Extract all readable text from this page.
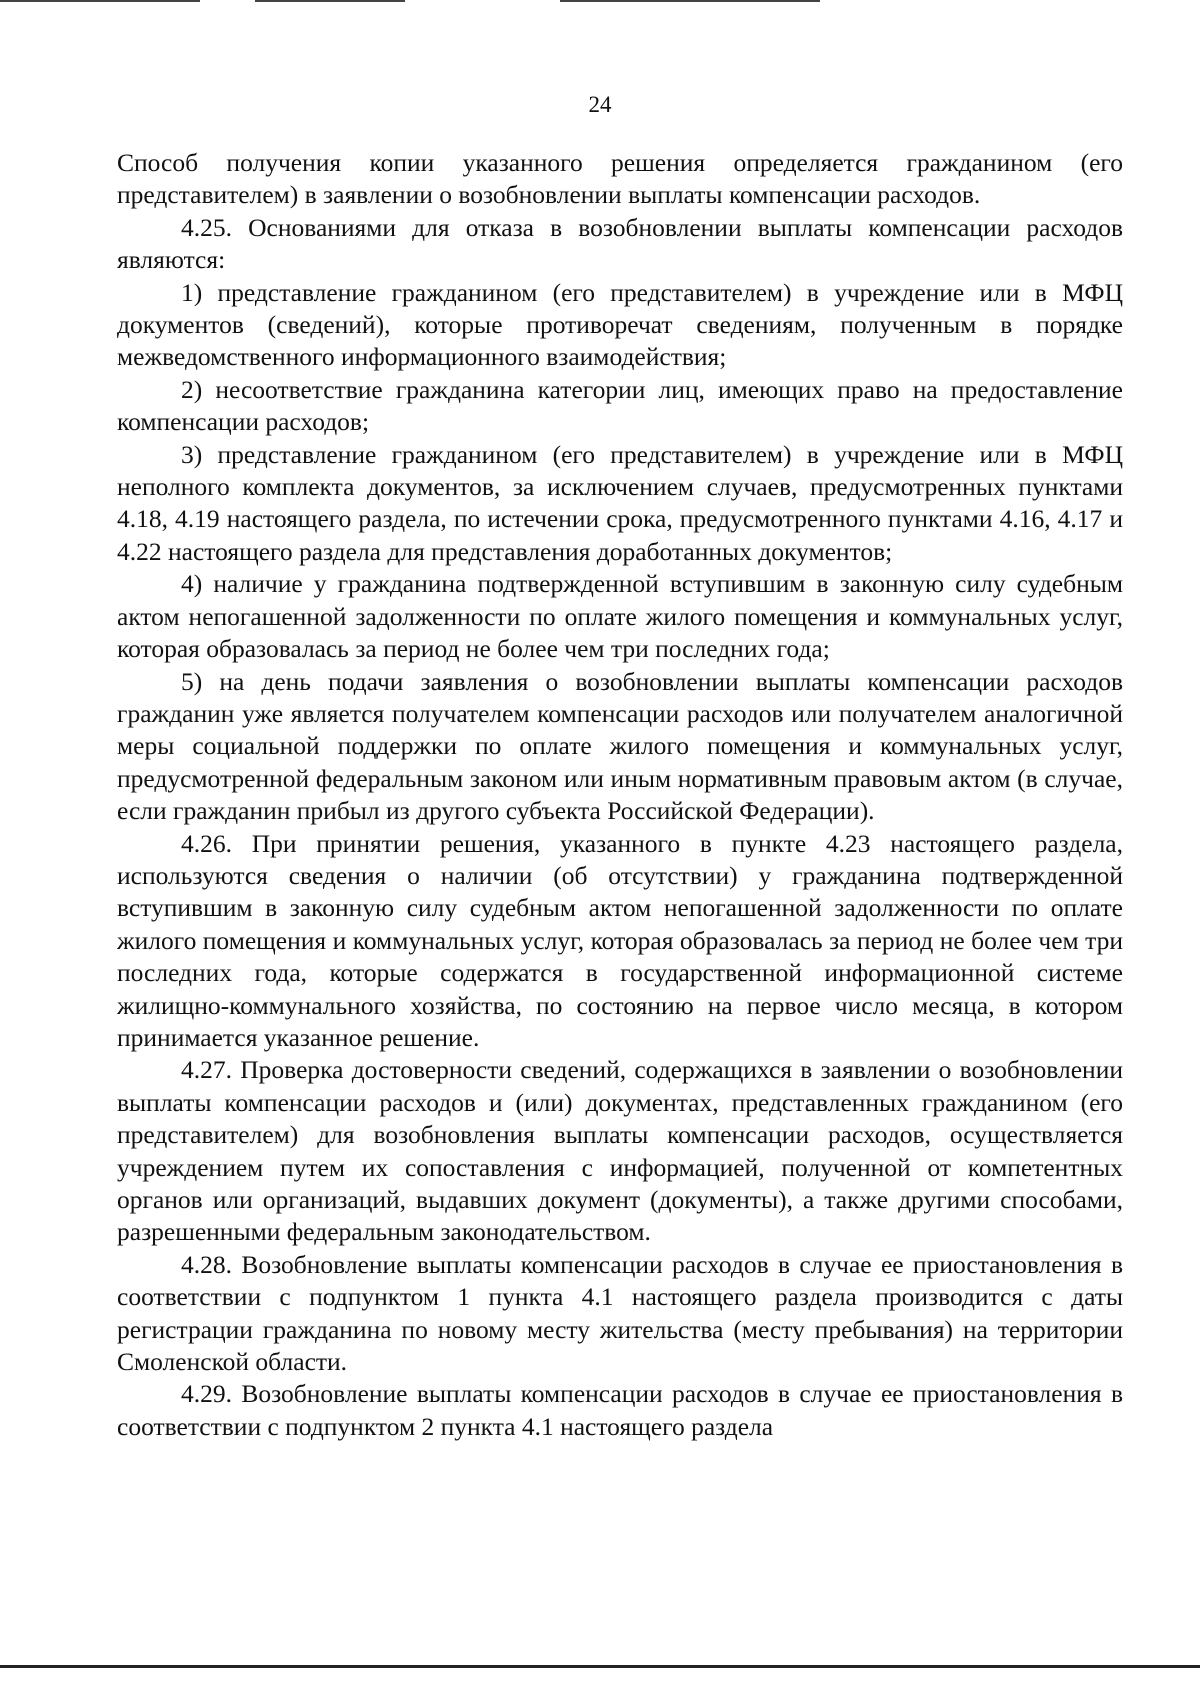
24

Способ получения копии указанного решения определяется гражданином (его представителем) в заявлении о возобновлении выплаты компенсации расходов.

4.25. Основаниями для отказа в возобновлении выплаты компенсации расходов являются:

1) представление гражданином (его представителем) в учреждение или в МФЦ документов (сведений), которые противоречат сведениям, полученным в порядке межведомственного информационного взаимодействия;

2) несоответствие гражданина категории лиц, имеющих право на предоставление компенсации расходов;

3) представление гражданином (его представителем) в учреждение или в МФЦ неполного комплекта документов, за исключением случаев, предусмотренных пунктами 4.18, 4.19 настоящего раздела, по истечении срока, предусмотренного пунктами 4.16, 4.17 и 4.22 настоящего раздела для представления доработанных документов;

4) наличие у гражданина подтвержденной вступившим в законную силу судебным актом непогашенной задолженности по оплате жилого помещения и коммунальных услуг, которая образовалась за период не более чем три последних года;

5) на день подачи заявления о возобновлении выплаты компенсации расходов гражданин уже является получателем компенсации расходов или получателем аналогичной меры социальной поддержки по оплате жилого помещения и коммунальных услуг, предусмотренной федеральным законом или иным нормативным правовым актом (в случае, если гражданин прибыл из другого субъекта Российской Федерации).

4.26. При принятии решения, указанного в пункте 4.23 настоящего раздела, используются сведения о наличии (об отсутствии) у гражданина подтвержденной вступившим в законную силу судебным актом непогашенной задолженности по оплате жилого помещения и коммунальных услуг, которая образовалась за период не более чем три последних года, которые содержатся в государственной информационной системе жилищно-коммунального хозяйства, по состоянию на первое число месяца, в котором принимается указанное решение.

4.27. Проверка достоверности сведений, содержащихся в заявлении о возобновлении выплаты компенсации расходов и (или) документах, представленных гражданином (его представителем) для возобновления выплаты компенсации расходов, осуществляется учреждением путем их сопоставления с информацией, полученной от компетентных органов или организаций, выдавших документ (документы), а также другими способами, разрешенными федеральным законодательством.

4.28. Возобновление выплаты компенсации расходов в случае ее приостановления в соответствии с подпунктом 1 пункта 4.1 настоящего раздела производится с даты регистрации гражданина по новому месту жительства (месту пребывания) на территории Смоленской области.

4.29. Возобновление выплаты компенсации расходов в случае ее приостановления в соответствии с подпунктом 2 пункта 4.1 настоящего раздела
